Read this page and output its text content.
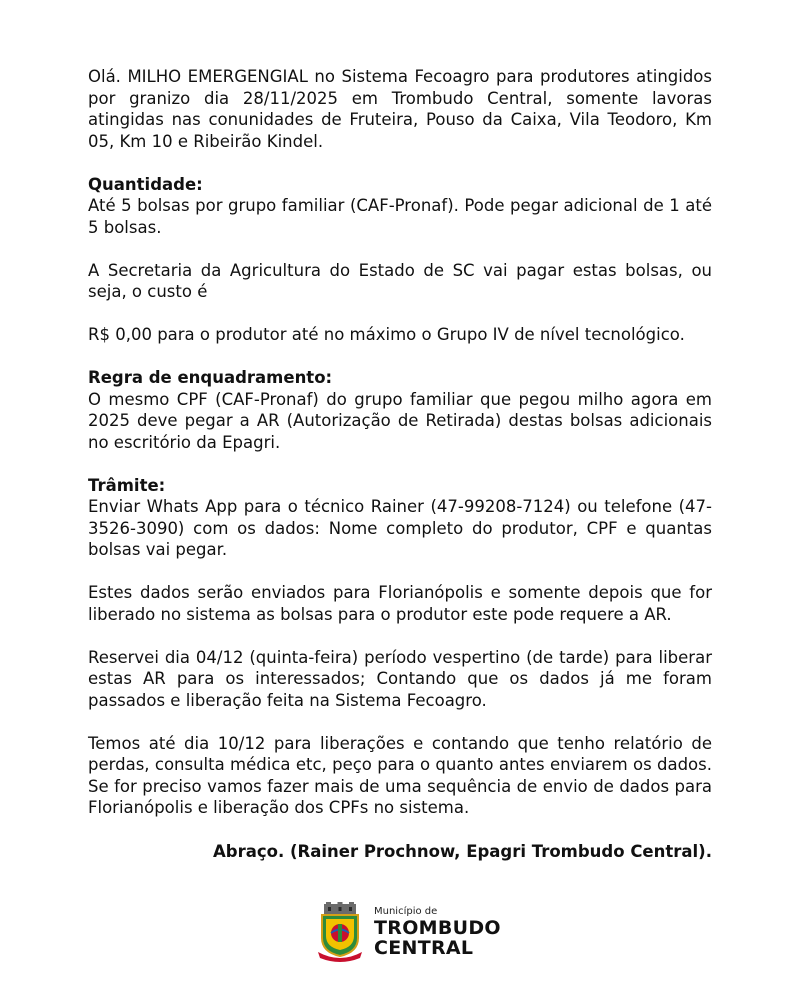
Olá. MILHO EMERGENGIAL no Sistema Fecoagro para produtores atingidos por granizo dia 28/11/2025 em Trombudo Central, somente lavoras atingidas nas conunidades de Fruteira, Pouso da Caixa, Vila Teodoro, Km 05, Km 10 e Ribeirão Kindel.

Quantidade:
Até 5 bolsas por grupo familiar (CAF-Pronaf). Pode pegar adicional de 1 até 5 bolsas.

A Secretaria da Agricultura do Estado de SC vai pagar estas bolsas, ou seja, o custo é

R$ 0,00 para o produtor até no máximo o Grupo IV de nível tecnológico.

Regra de enquadramento:
O mesmo CPF (CAF-Pronaf) do grupo familiar que pegou milho agora em 2025 deve pegar a AR (Autorização de Retirada) destas bolsas adicionais no escritório da Epagri.

Trâmite:
Enviar Whats App para o técnico Rainer (47-99208-7124) ou telefone (47-3526-3090) com os dados: Nome completo do produtor, CPF e quantas bolsas vai pegar.

Estes dados serão enviados para Florianópolis e somente depois que for liberado no sistema as bolsas para o produtor este pode requere a AR.

Reservei dia 04/12 (quinta-feira) período vespertino (de tarde) para liberar estas AR para os interessados; Contando que os dados já me foram passados e liberação feita na Sistema Fecoagro.

Temos até dia 10/12 para liberações e contando que tenho relatório de perdas, consulta médica etc, peço para o quanto antes enviarem os dados. Se for preciso vamos fazer mais de uma sequência de envio de dados para Florianópolis e liberação dos CPFs no sistema.

Abraço. (Rainer Prochnow, Epagri Trombudo Central).
Município de
TROMBUDO
CENTRAL
